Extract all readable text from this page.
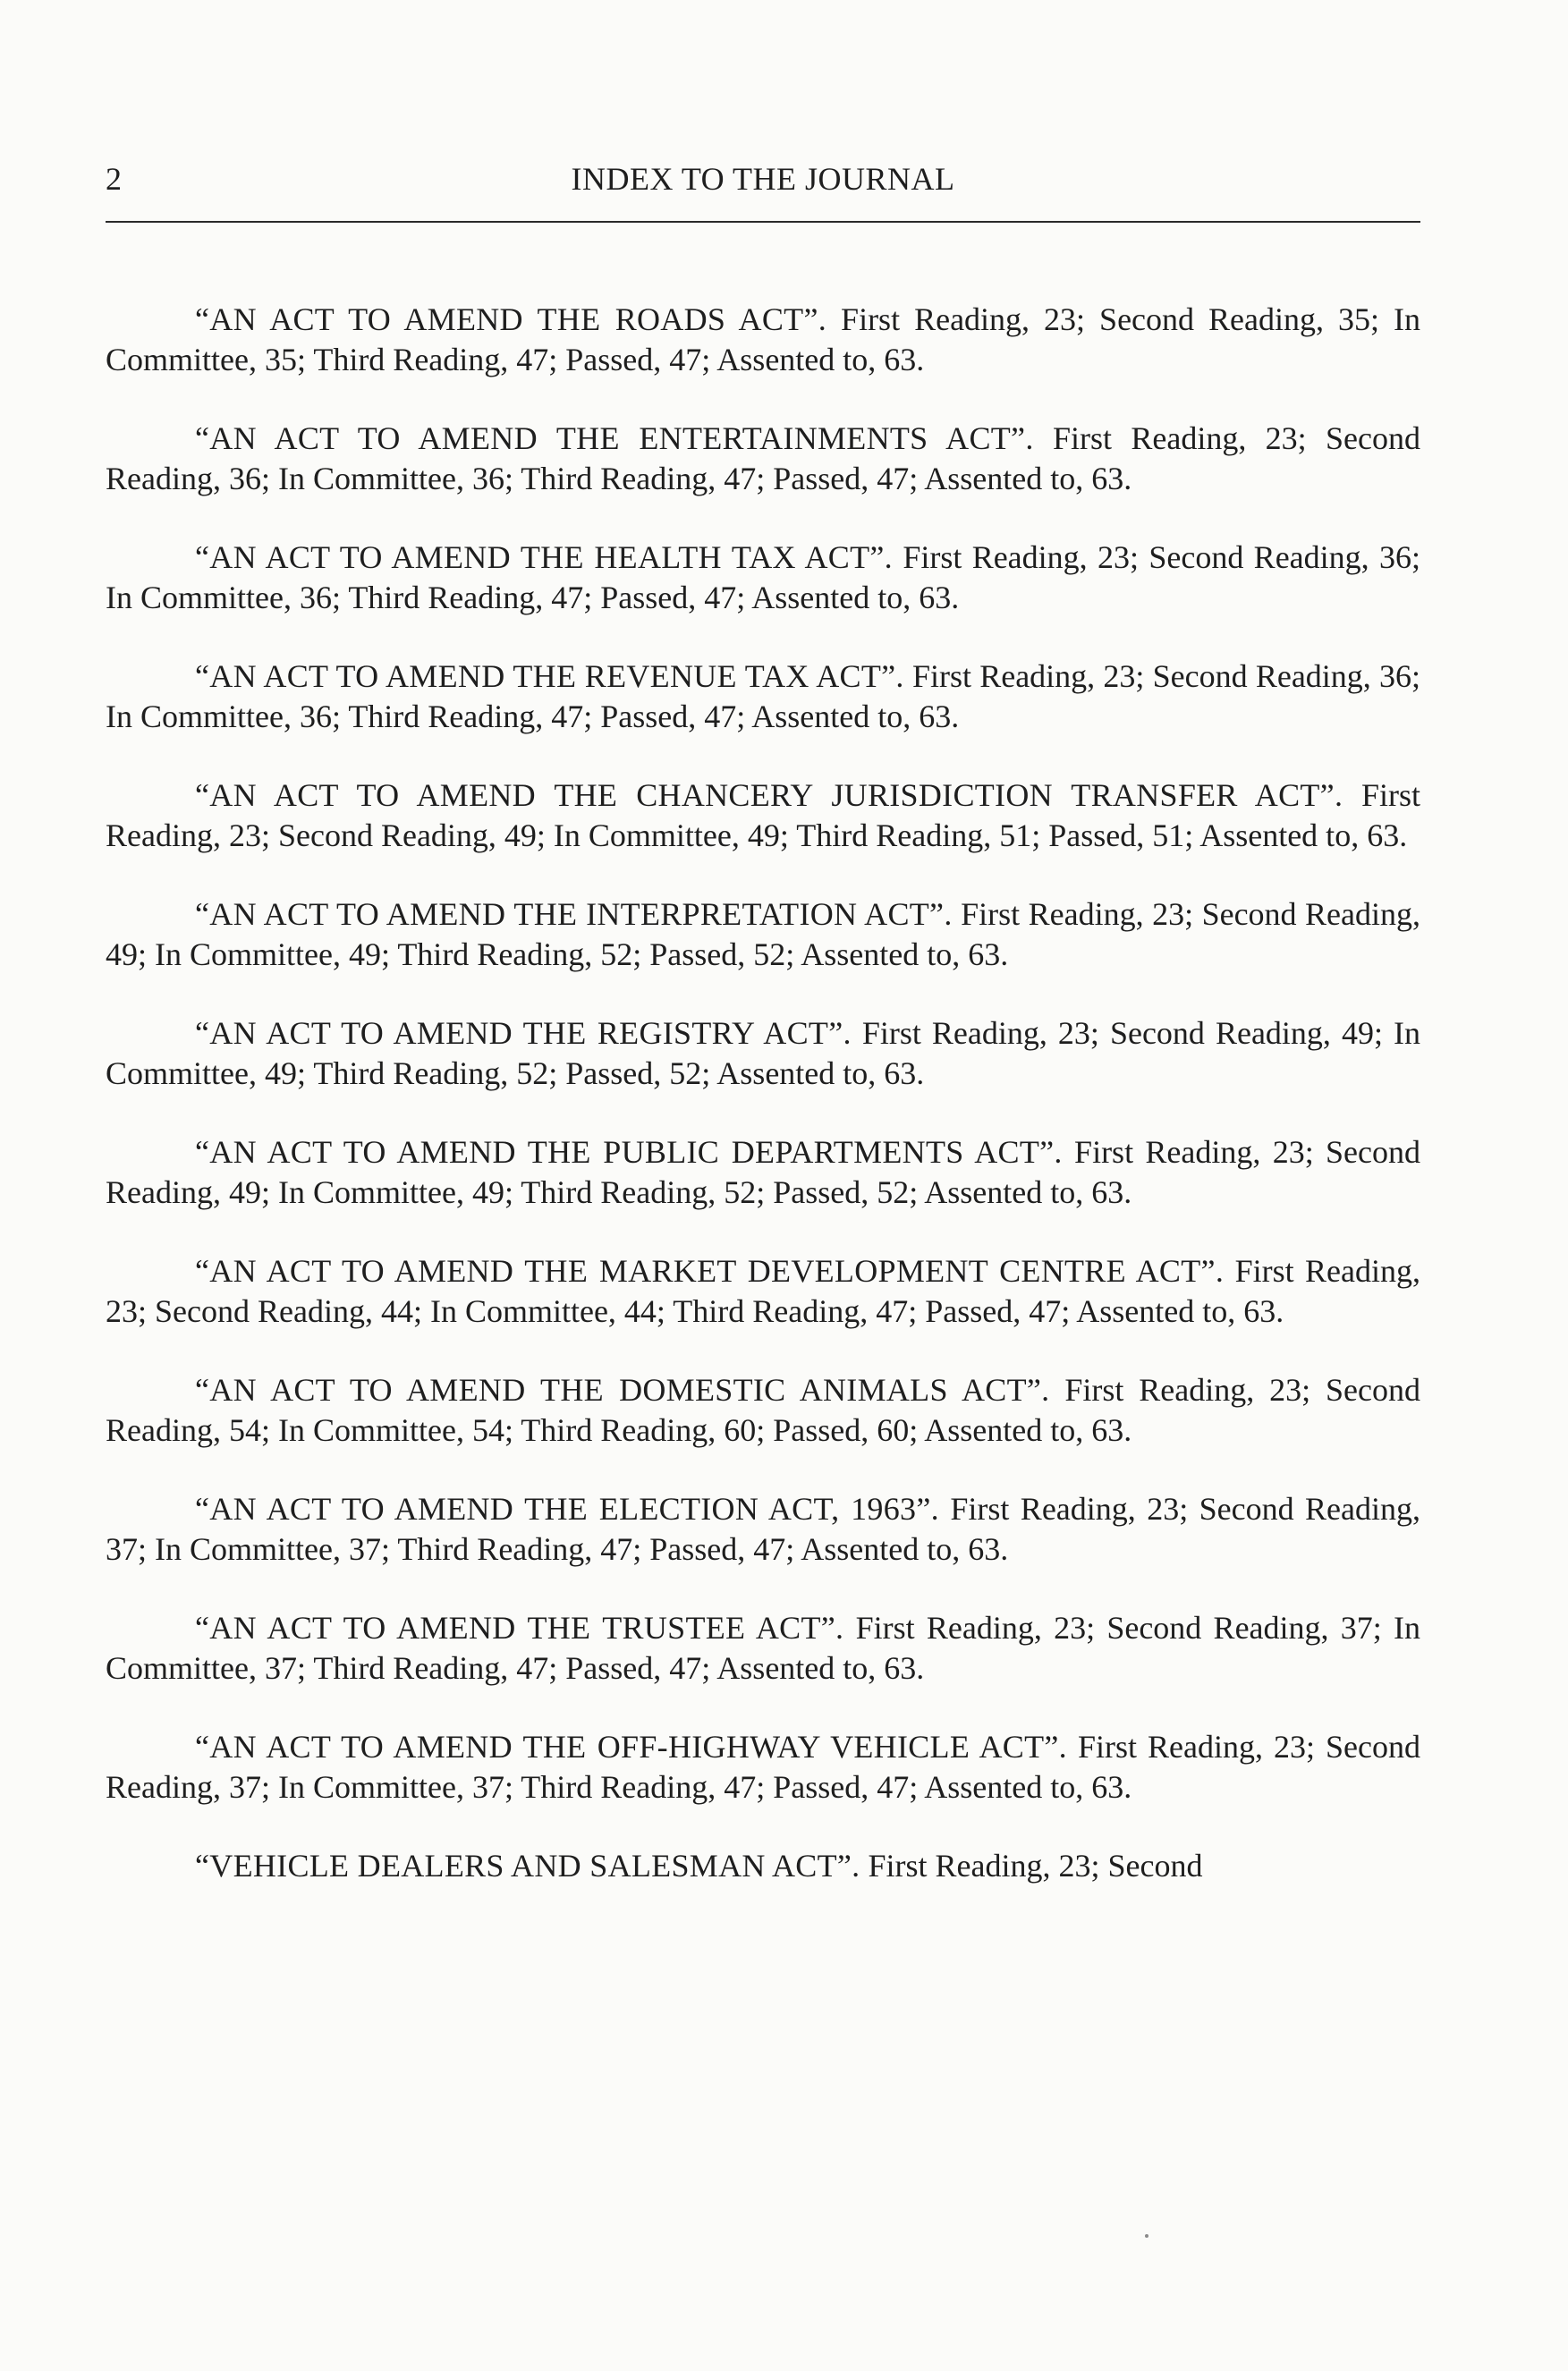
2	INDEX TO THE JOURNAL

“AN ACT TO AMEND THE ROADS ACT”. First Reading, 23; Second Reading, 35; In Committee, 35; Third Reading, 47; Passed, 47; Assented to, 63.

“AN ACT TO AMEND THE ENTERTAINMENTS ACT”. First Reading, 23; Second Reading, 36; In Committee, 36; Third Reading, 47; Passed, 47; Assented to, 63.

“AN ACT TO AMEND THE HEALTH TAX ACT”. First Reading, 23; Second Reading, 36; In Committee, 36; Third Reading, 47; Passed, 47; Assented to, 63.

“AN ACT TO AMEND THE REVENUE TAX ACT”. First Reading, 23; Second Reading, 36; In Committee, 36; Third Reading, 47; Passed, 47; Assented to, 63.

“AN ACT TO AMEND THE CHANCERY JURISDICTION TRANSFER ACT”. First Reading, 23; Second Reading, 49; In Committee, 49; Third Reading, 51; Passed, 51; Assented to, 63.

“AN ACT TO AMEND THE INTERPRETATION ACT”. First Reading, 23; Second Reading, 49; In Committee, 49; Third Reading, 52; Passed, 52; Assented to, 63.

“AN ACT TO AMEND THE REGISTRY ACT”. First Reading, 23; Second Reading, 49; In Committee, 49; Third Reading, 52; Passed, 52; Assented to, 63.

“AN ACT TO AMEND THE PUBLIC DEPARTMENTS ACT”. First Reading, 23; Second Reading, 49; In Committee, 49; Third Reading, 52; Passed, 52; Assented to, 63.

“AN ACT TO AMEND THE MARKET DEVELOPMENT CENTRE ACT”. First Reading, 23; Second Reading, 44; In Committee, 44; Third Reading, 47; Passed, 47; Assented to, 63.

“AN ACT TO AMEND THE DOMESTIC ANIMALS ACT”. First Reading, 23; Second Reading, 54; In Committee, 54; Third Reading, 60; Passed, 60; Assented to, 63.

“AN ACT TO AMEND THE ELECTION ACT, 1963”. First Reading, 23; Second Reading, 37; In Committee, 37; Third Reading, 47; Passed, 47; Assented to, 63.

“AN ACT TO AMEND THE TRUSTEE ACT”. First Reading, 23; Second Reading, 37; In Committee, 37; Third Reading, 47; Passed, 47; Assented to, 63.

“AN ACT TO AMEND THE OFF-HIGHWAY VEHICLE ACT”. First Reading, 23; Second Reading, 37; In Committee, 37; Third Reading, 47; Passed, 47; Assented to, 63.

“VEHICLE DEALERS AND SALESMAN ACT”. First Reading, 23; Second
